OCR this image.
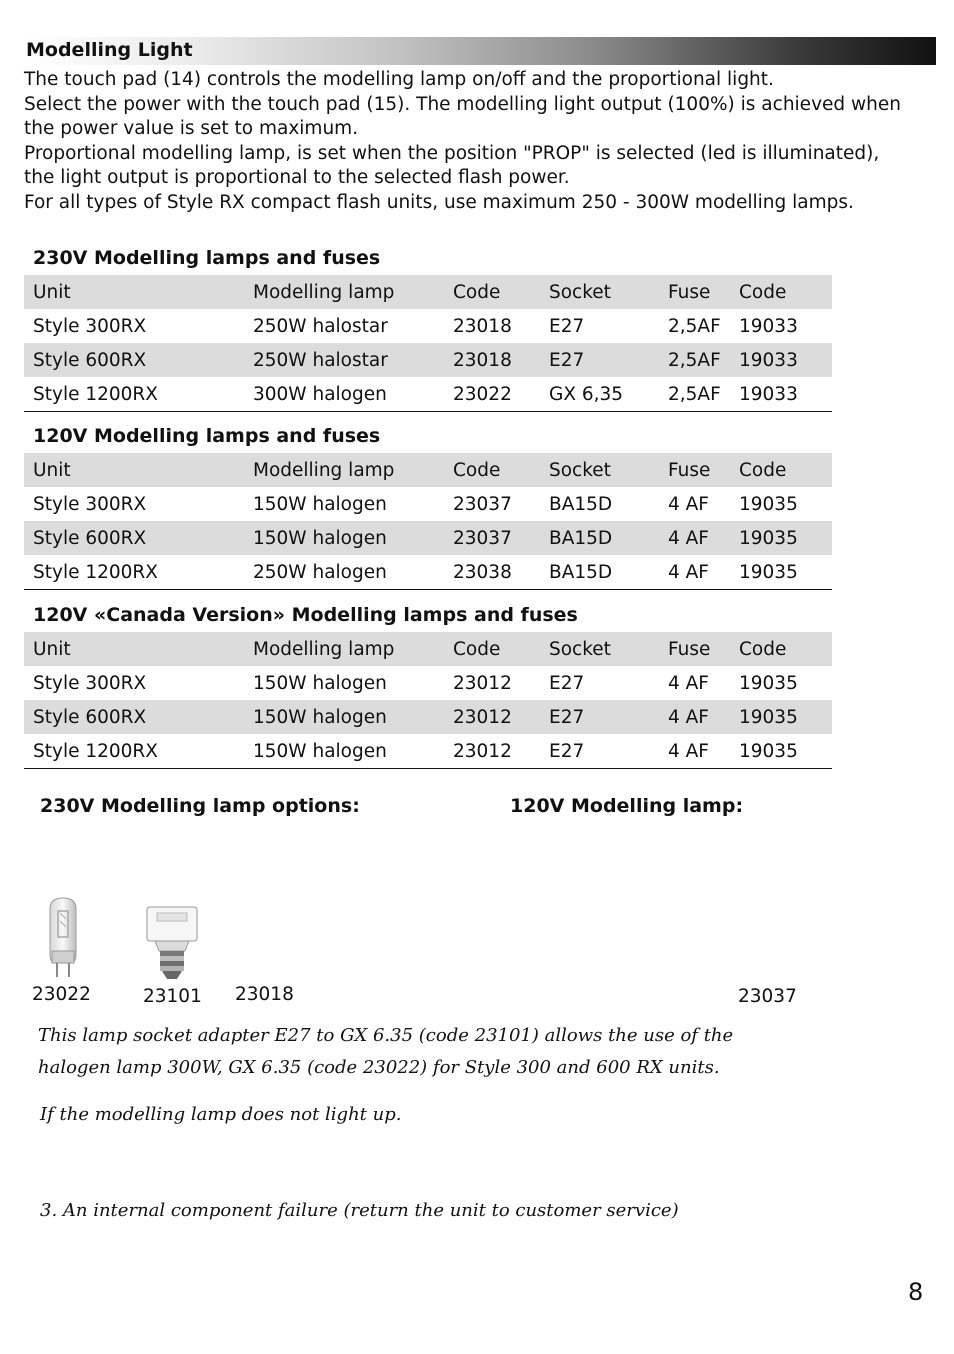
Modelling Light

The touch pad (14) controls the modelling lamp on/off and the proportional light.

Select the power with the touch pad (15). The modelling light output (100%) is achieved when the power value is set to maximum.

Proportional modelling lamp, is set when the position "PROP" is selected (led is illuminated), the light output is proportional to the selected flash power.

For all types of Style RX compact flash units, use maximum 250 - 300W modelling lamps.

230V Modelling lamps and fuses
Unit	Modelling lamp	Code	Socket	Fuse	Code
Style 300RX	250W halostar	23018	E27	2,5AF	19033
Style 600RX	250W halostar	23018	E27	2,5AF	19033
Style 1200RX	300W halogen	23022	GX 6,35	2,5AF	19033
120V Modelling lamps and fuses
Unit	Modelling lamp	Code	Socket	Fuse	Code
Style 300RX	150W halogen	23037	BA15D	4 AF	19035
Style 600RX	150W halogen	23037	BA15D	4 AF	19035
Style 1200RX	250W halogen	23038	BA15D	4 AF	19035
120V «Canada Version» Modelling lamps and fuses
Unit	Modelling lamp	Code	Socket	Fuse	Code
Style 300RX	150W halogen	23012	E27	4 AF	19035
Style 600RX	150W halogen	23012	E27	4 AF	19035
Style 1200RX	150W halogen	23012	E27	4 AF	19035
230V Modelling lamp options:	120V Modelling lamp:
23022	23101 23018	23037
This lamp socket adapter E27 to GX 6.35 (code 23101) allows the use of the halogen lamp 300W, GX 6.35 (code 23022) for Style 300 and 600 RX units.
If the modelling lamp does not light up.
3. An internal component failure (return the unit to customer service)
8
